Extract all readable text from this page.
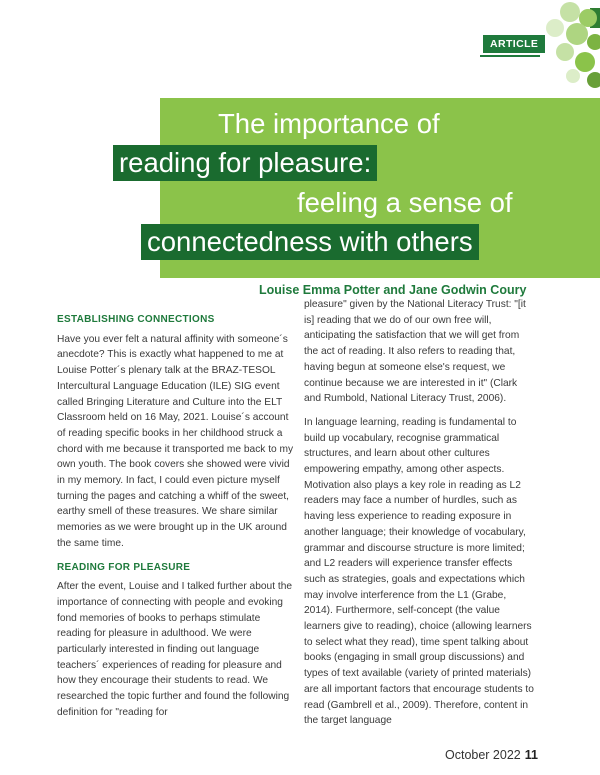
ARTICLE
The importance of
reading for pleasure:
feeling a sense of
connectedness with others
Louise Emma Potter and Jane Godwin Coury
ESTABLISHING CONNECTIONS

Have you ever felt a natural affinity with someone´s anecdote? This is exactly what happened to me at Louise Potter´s plenary talk at the BRAZ-TESOL Intercultural Language Education (ILE) SIG event called Bringing Literature and Culture into the ELT Classroom held on 16 May, 2021. Louise´s account of reading specific books in her childhood struck a chord with me because it transported me back to my own youth. The book covers she showed were vivid in my memory. In fact, I could even picture myself turning the pages and catching a whiff of the sweet, earthy smell of these treasures. We share similar memories as we were brought up in the UK around the same time.

READING FOR PLEASURE

After the event, Louise and I talked further about the importance of connecting with people and evoking fond memories of books to perhaps stimulate reading for pleasure in adulthood. We were particularly interested in finding out language teachers´ experiences of reading for pleasure and how they encourage their students to read. We researched the topic further and found the following definition for "reading for

pleasure" given by the National Literacy Trust: "[it is] reading that we do of our own free will, anticipating the satisfaction that we will get from the act of reading. It also refers to reading that, having begun at someone else's request, we continue because we are interested in it" (Clark and Rumbold, National Literacy Trust, 2006).

In language learning, reading is fundamental to build up vocabulary, recognise grammatical structures, and learn about other cultures empowering empathy, among other aspects. Motivation also plays a key role in reading as L2 readers may face a number of hurdles, such as having less experience to reading exposure in another language; their knowledge of vocabulary, grammar and discourse structure is more limited; and L2 readers will experience transfer effects such as strategies, goals and expectations which may involve interference from the L1 (Grabe, 2014). Furthermore, self-concept (the value learners give to reading), choice (allowing learners to select what they read), time spent talking about books (engaging in small group discussions) and types of text available (variety of printed materials) are all important factors that encourage students to read (Gambrell et al., 2009). Therefore, content in the target language

October 2022 11
